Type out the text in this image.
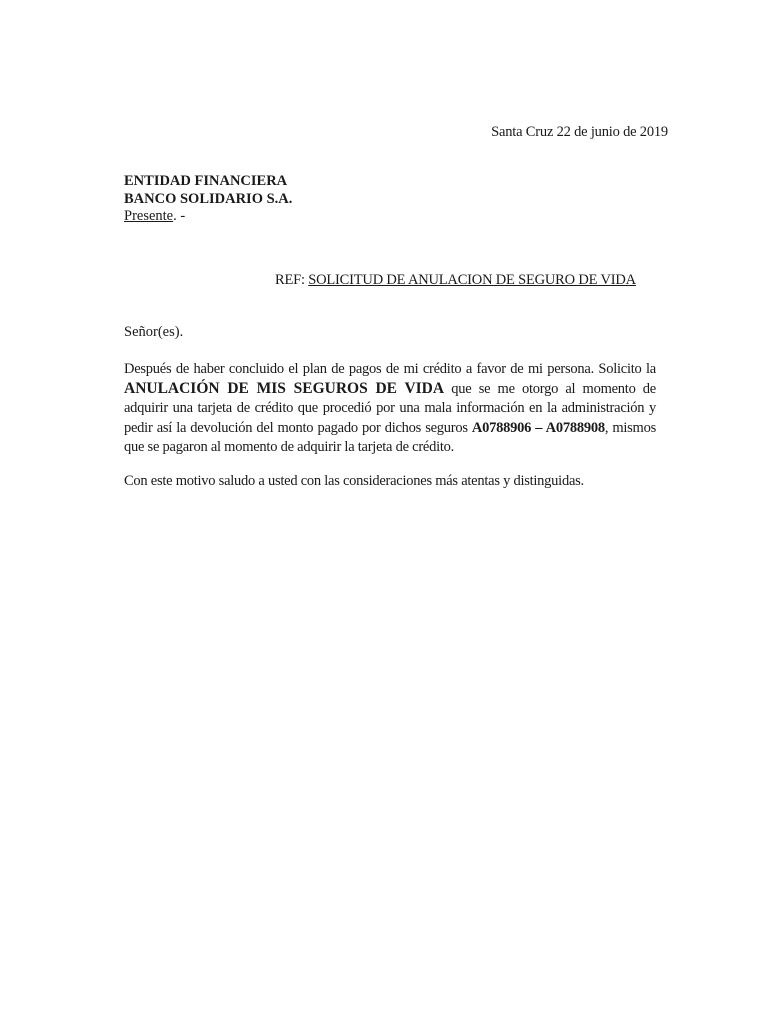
Santa Cruz 22 de junio de 2019
ENTIDAD FINANCIERA
BANCO SOLIDARIO S.A.
Presente. -
REF: SOLICITUD DE ANULACION DE SEGURO DE VIDA
Señor(es).
Después de haber concluido el plan de pagos de mi crédito a favor de mi persona. Solicito la ANULACIÓN DE MIS SEGUROS DE VIDA que se me otorgo al momento de adquirir una tarjeta de crédito que procedió por una mala información en la administración y pedir así la devolución del monto pagado por dichos seguros A0788906 – A0788908, mismos que se pagaron al momento de adquirir la tarjeta de crédito.
Con este motivo saludo a usted con las consideraciones más atentas y distinguidas.
